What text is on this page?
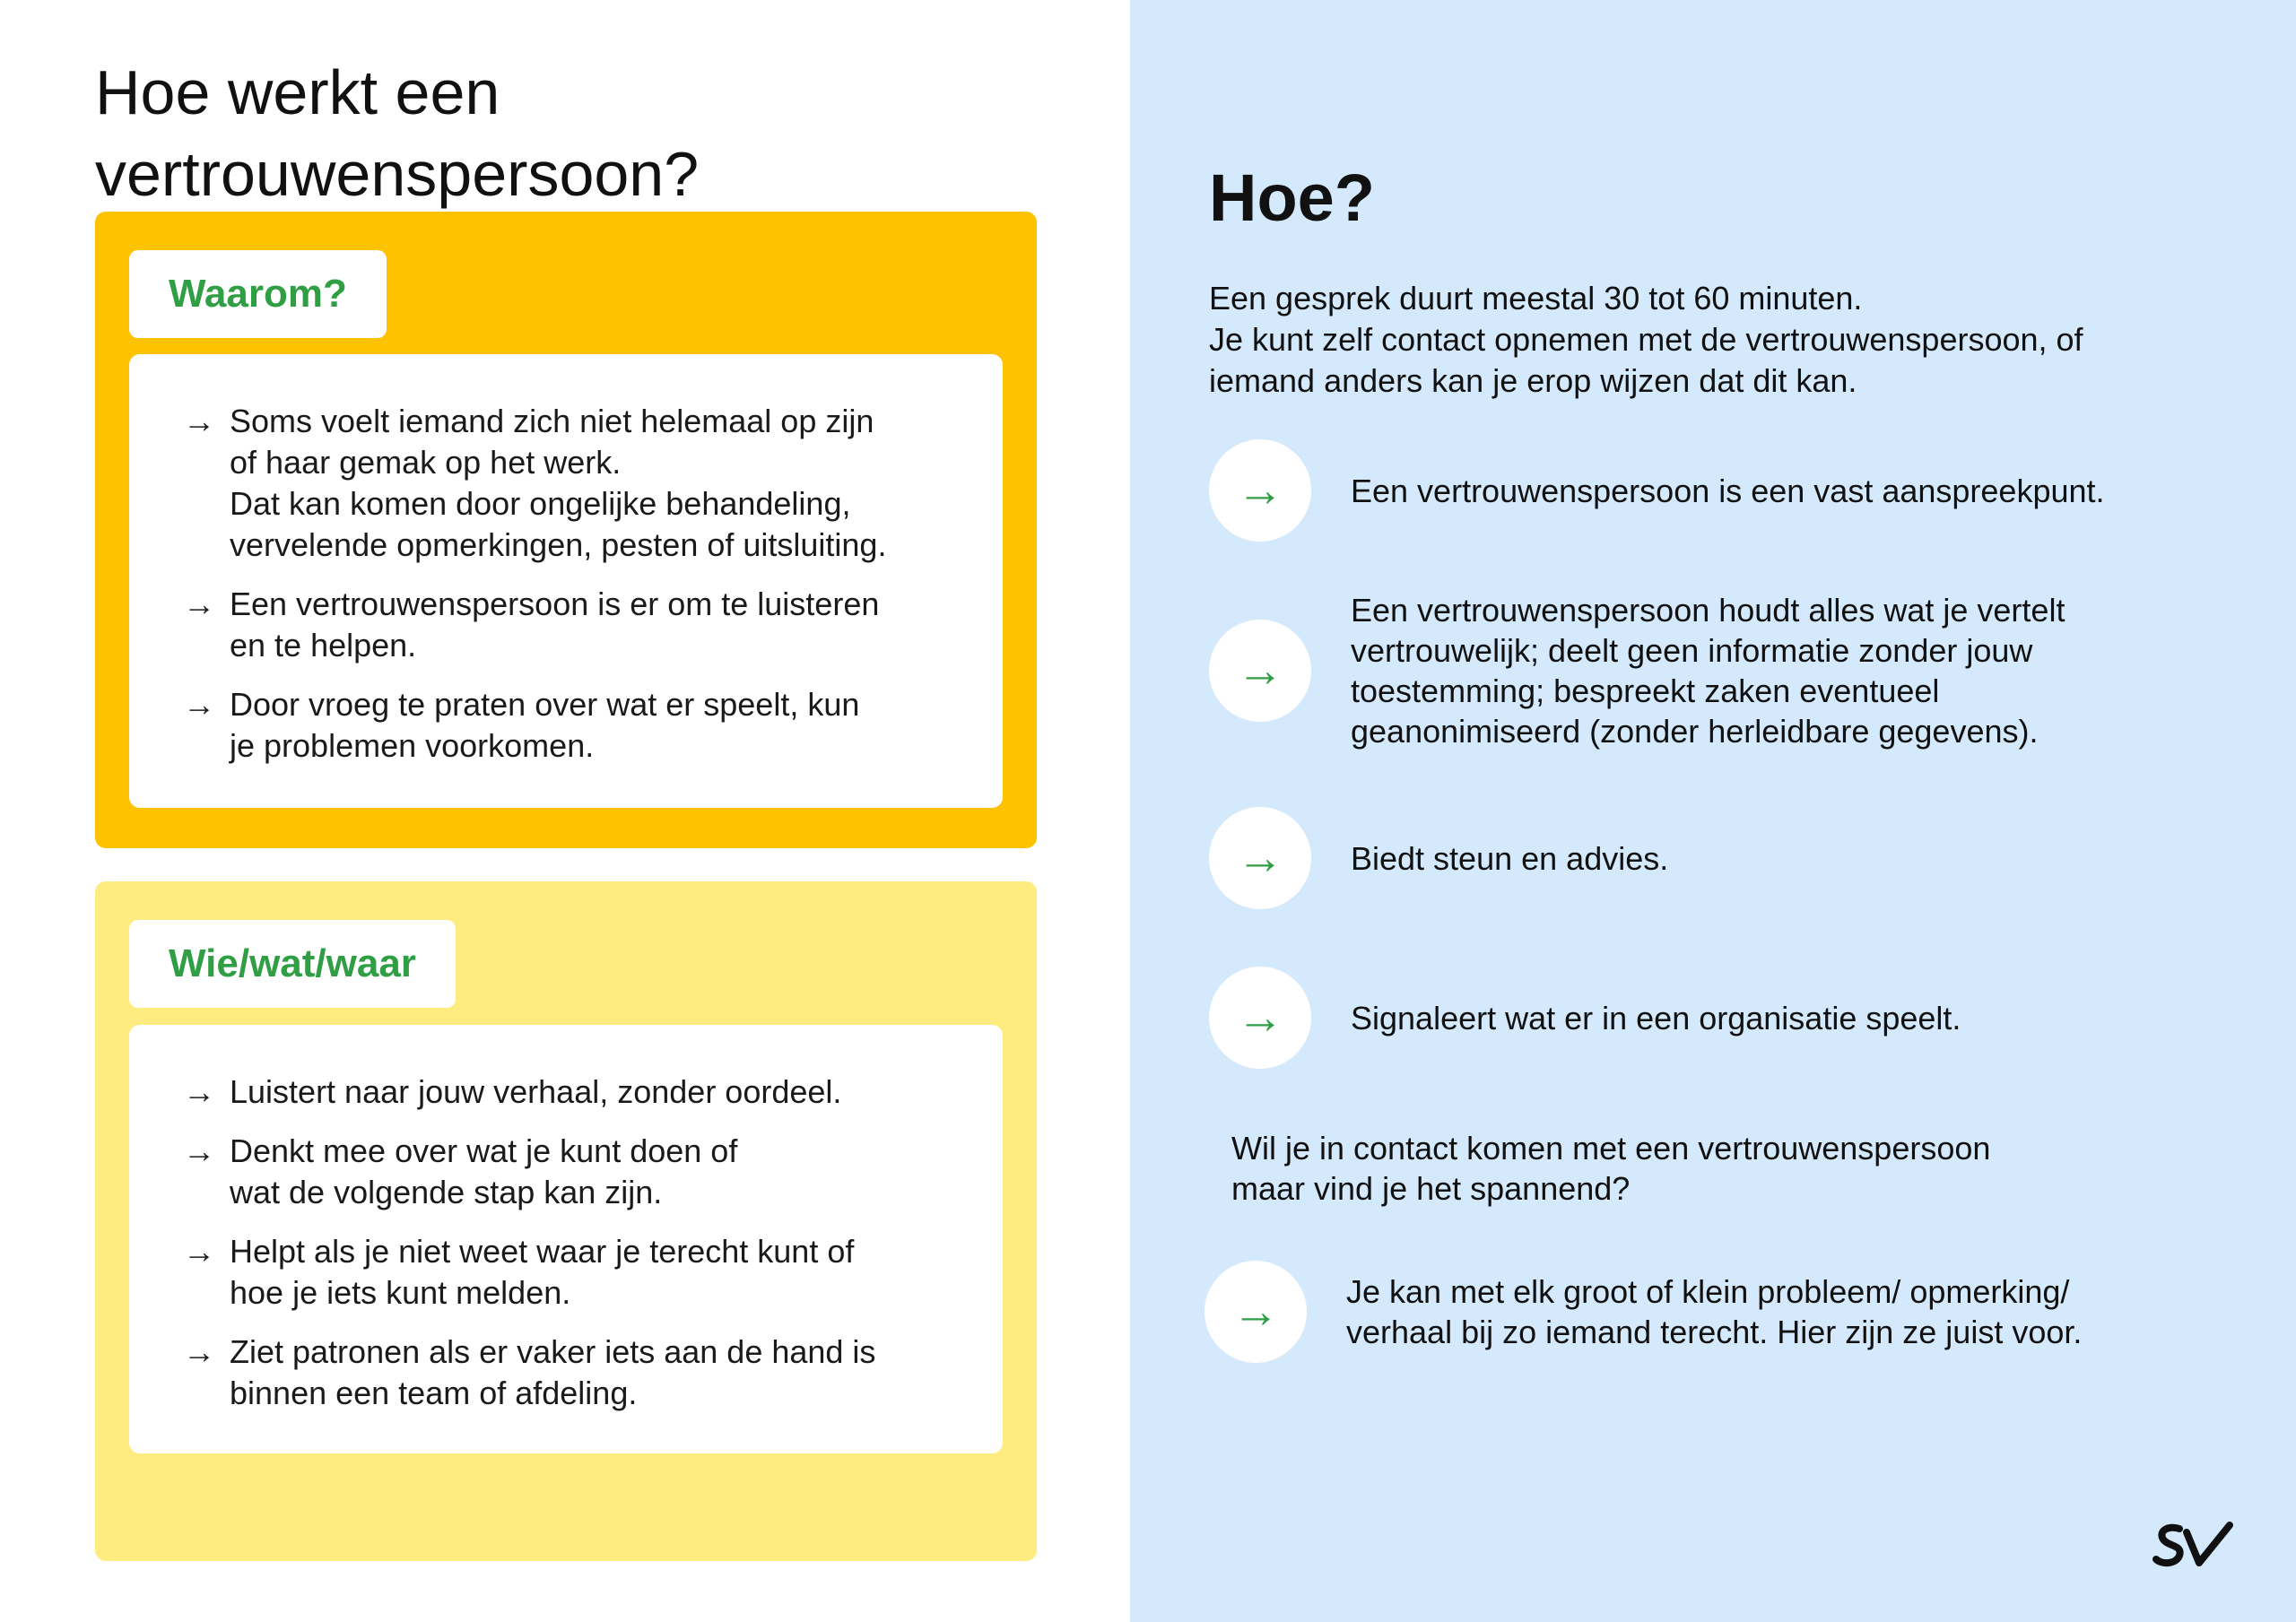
Hoe werkt een vertrouwenspersoon?
Waarom?
→ Soms voelt iemand zich niet helemaal op zijn
of haar gemak op het werk.
Dat kan komen door ongelijke behandeling,
vervelende opmerkingen, pesten of uitsluiting.
→ Een vertrouwenspersoon is er om te luisteren
en te helpen.
→ Door vroeg te praten over wat er speelt, kun
je problemen voorkomen.
Wie/wat/waar
→ Luistert naar jouw verhaal, zonder oordeel.
→ Denkt mee over wat je kunt doen of
wat de volgende stap kan zijn.
→ Helpt als je niet weet waar je terecht kunt of
hoe je iets kunt melden.
→ Ziet patronen als er vaker iets aan de hand is
binnen een team of afdeling.
Hoe?

Een gesprek duurt meestal 30 tot 60 minuten.
Je kunt zelf contact opnemen met de vertrouwenspersoon, of
iemand anders kan je erop wijzen dat dit kan.

→	Een vertrouwenspersoon is een vast aanspreekpunt.
→
Een vertrouwenspersoon houdt alles wat je vertelt
vertrouwelijk; deelt geen informatie zonder jouw
toestemming; bespreekt zaken eventueel
geanonimiseerd (zonder herleidbare gegevens).
→	Biedt steun en advies.
→	Signaleert wat er in een organisatie speelt.

Wil je in contact komen met een vertrouwenspersoon
maar vind je het spannend?

→	Je kan met elk groot of klein probleem/ opmerking/
verhaal bij zo iemand terecht. Hier zijn ze juist voor.
